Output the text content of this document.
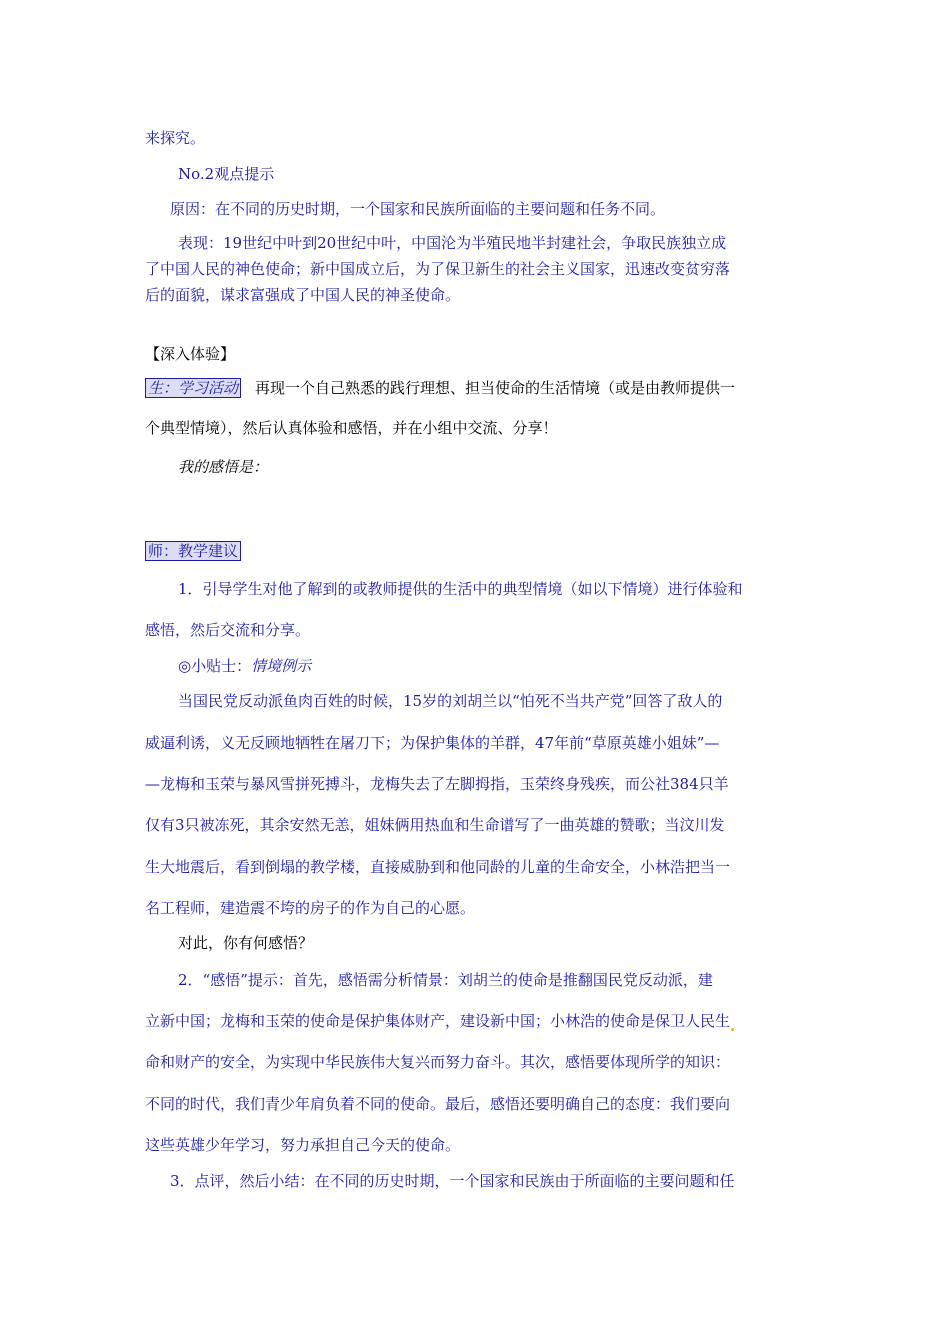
来探究。
No.2观点提示
原因：在不同的历史时期，一个国家和民族所面临的主要问题和任务不同。
表现：19世纪中叶到20世纪中叶，中国沦为半殖民地半封建社会，争取民族独立成
了中国人民的神色使命；新中国成立后，为了保卫新生的社会主义国家，迅速改变贫穷落
后的面貌，谋求富强成了中国人民的神圣使命。
【深入体验】
生：学习活动 再现一个自己熟悉的践行理想、担当使命的生活情境（或是由教师提供一
个典型情境），然后认真体验和感悟，并在小组中交流、分享！
我的感悟是：
师：教学建议
1．引导学生对他了解到的或教师提供的生活中的典型情境（如以下情境）进行体验和
感悟，然后交流和分享。
◎小贴士：情境例示
当国民党反动派鱼肉百姓的时候，15岁的刘胡兰以“怕死不当共产党”回答了敌人的
威逼利诱，义无反顾地牺牲在屠刀下；为保护集体的羊群，47年前“草原英雄小姐妹”—
—龙梅和玉荣与暴风雪拼死搏斗，龙梅失去了左脚拇指，玉荣终身残疾，而公社384只羊
仅有3只被冻死，其余安然无恙，姐妹俩用热血和生命谱写了一曲英雄的赞歌；当汶川发
生大地震后，看到倒塌的教学楼，直接威胁到和他同龄的儿童的生命安全，小林浩把当一
名工程师，建造震不垮的房子的作为自己的心愿。
对此，你有何感悟？
2．“感悟”提示：首先，感悟需分析情景：刘胡兰的使命是推翻国民党反动派，建
立新中国；龙梅和玉荣的使命是保护集体财产，建设新中国；小林浩的使命是保卫人民生
命和财产的安全，为实现中华民族伟大复兴而努力奋斗。其次，感悟要体现所学的知识：
不同的时代，我们青少年肩负着不同的使命。最后，感悟还要明确自己的态度：我们要向
这些英雄少年学习，努力承担自己今天的使命。
3．点评，然后小结：在不同的历史时期，一个国家和民族由于所面临的主要问题和任
